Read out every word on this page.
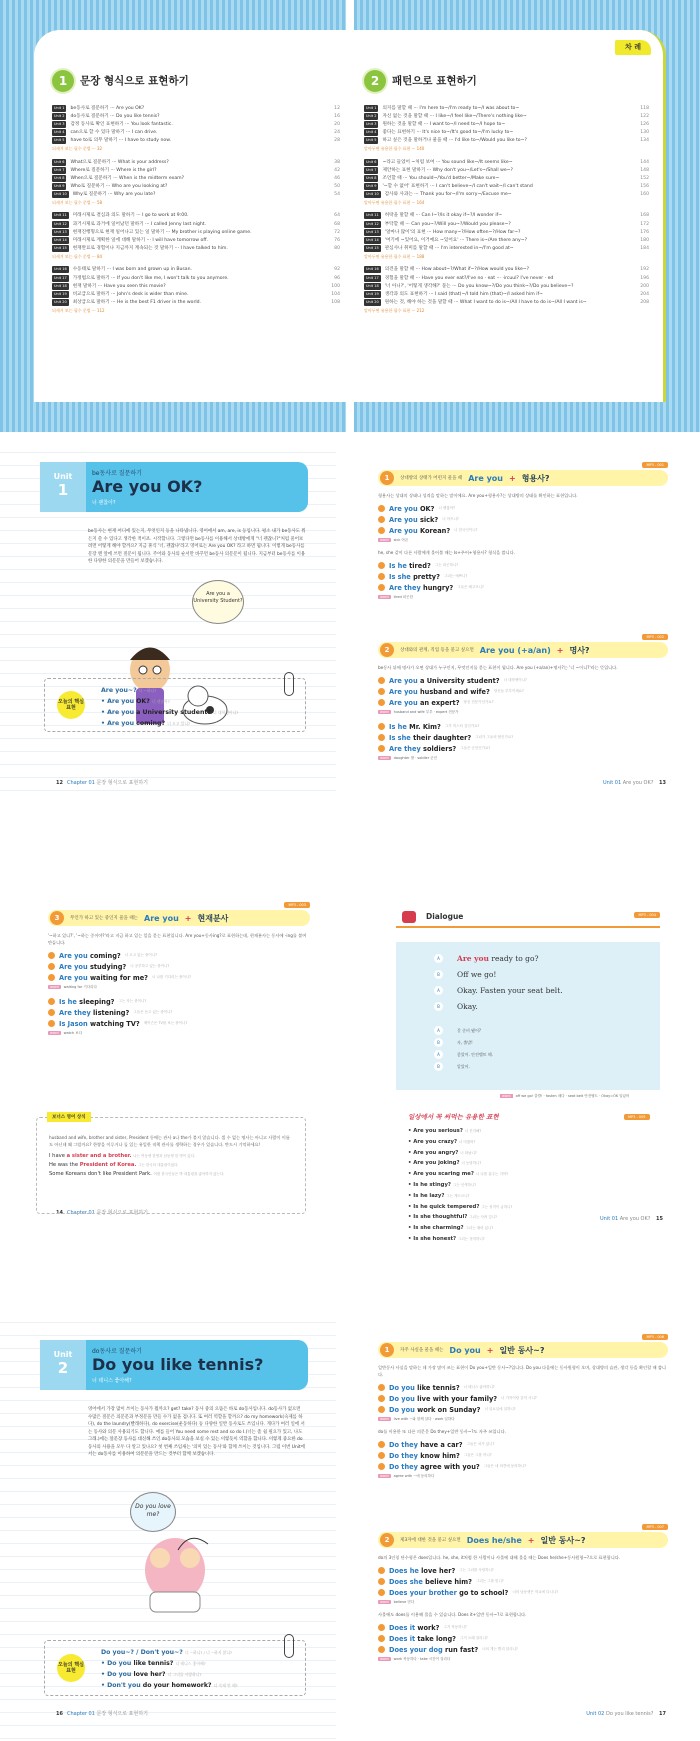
1	문장 형식으로 표현하기
Unit 1	be동사로 질문하기 ··· Are you OK?	12
Unit 2	do동사로 질문하기 ··· Do you like tennis?	16
Unit 3	감정 동사로 확인 표현하기 ··· You look fantastic.	20
Unit 4	can으로 할 수 있다 말하기 ··· I can drive.	24
Unit 5	have to로 의무 말하기 ··· I have to study now.	28
되새겨 보는 필수 문법 ··· 32
Unit 6	What으로 질문하기 ··· What is your address?	38
Unit 7	Where로 질문하기 ··· Where is the girl?	42
Unit 8	When으로 질문하기 ··· When is the midterm exam?	46
Unit 9	Who로 질문하기 ··· Who are you looking at?	50
Unit 10	Why로 질문하기 ··· Why are you late?	54
되새겨 보는 필수 문법 ··· 58
Unit 11	미래시제로 결심과 의도 말하기 ··· I go to work at 9:00.	64
Unit 12	과거시제로 과거에 일어났던 말하기 ··· I called Jenny last night.	68
Unit 13	현재진행형으로 현재 일어나고 있는 일 말하기 ··· My brother is playing online game.	72
Unit 14	미래시제로 계획한 일에 대해 말하기 ··· I will have tomorrow off.	76
Unit 15	현재완료로 경험이나 지금까지 계속되는 것 말하기 ··· I have talked to him.	80
되새겨 보는 필수 문법 ··· 84
Unit 16	수동태로 말하기 ··· I was born and grown up in Busan.	92
Unit 17	가정법으로 말하기 ··· If you don't like me, I won't talk to you anymore.	96
Unit 18	현재 말하기 ··· Have you seen this movie?	100
Unit 19	비교급으로 말하기 ··· John's desk is wider than mine.	104
Unit 20	최상급으로 말하기 ··· He is the best F1 driver in the world.	108
되새겨 보는 필수 문법 ··· 112
차 례
2	패턴으로 표현하기
Unit 1	의지를 말할 때 ··· I'm here to~/I'm ready to~/I was about to~	118
Unit 2	자신 없는 것을 말할 때 ··· I like~/I feel like~/There's nothing like~	122
Unit 3	원하는 것을 말할 때 ··· I want to~/I need to~/I hope to~	126
Unit 4	좋다는 표현하기 ··· It's nice to~/It's good to~/I'm lucky to~	130
Unit 5	하고 싶은 것을 말하거나 물을 때 ··· I'd like to~/Would you like to~?	134
알아두면 유용한 필수 표현 ··· 140
Unit 6	~라고 들었어 ~처럼 보여 ··· You sound like~/It seems like~	144
Unit 7	제안하는 표현 말하기 ··· Why don't you~/Let's~/Shall we~?	148
Unit 8	조언할 때 ··· You should~/You'd better~/Make sure~	152
Unit 9	'~할 수 없어' 표현하기 ··· I can't believe~/I can't wait~/I can't stand	156
Unit 10	감사와 사과는 ··· Thank you for~/I'm sorry~/Excuse me~	160
알아두면 유용한 필수 표현 ··· 164
Unit 11	허락을 말할 때 ··· Can I~?/Is it okay if~?/I wonder if~	168
Unit 12	부탁할 때 ··· Can you~?/Will you~?/Would you please~?	172
Unit 13	'얼마나 많이'의 표현 ··· How many~?/How often~?/How far~?	176
Unit 14	'여기에 ~있어요, 이거예요 ~있어요' ··· There is~/Are there any~?	180
Unit 15	관심사나 취미를 말할 때 ··· I'm interested in~/I'm good at~	184
알아두면 유용한 필수 표현 ··· 188
Unit 16	의견을 말할 때 ··· How about~?/What if~?/How would you like~?	192
Unit 17	경험을 말할 때 ··· Have you ever eat?/I've no · eat ··· ·ircuul? I've never · ed	196
Unit 18	'너 아니?', '어떻게 생각해?' 묻는 ··· Do you know~?/Do you think~?/Do you believe~?	200
Unit 19	생각과 의도 표현하기 ··· I said (that)~/I told him (that)~/I asked him if~	204
Unit 20	원하는 것, 해야 하는 것을 말할 때 ··· What I want to do is~/All I have to do is~/All I want is~	208
알아두면 유용한 필수 표현 ··· 212
Unit
1
be동사로 질문하기
Are you OK?
너 괜찮아?
be동사는 현재 어디에 있는지, 무엇인지 등을 나타냅니다. 영어에서 am, are, is 등입니다. 평소 내가 be동사도 뭐든지 쓸 수 있다고 생각한 적이죠. 시작합니다. 그렇다면 be동사를 이용해서 상대방에게 "너 괜찮니?"처럼 물어보려면 어떻게 해야 할까요? 지금 휴식 '너, 괜찮냐'라고 영어로는 Are you OK? 라고 하면 됩니다. 이렇게 be동사를 문장 맨 앞에 쓰면 질문이 됩니다. 주어와 동사의 순서만 바꾸면 be동사 의문문이 됩니다. 지금부터 be동사를 이용한 다양한 의문문을 만들어 보겠습니다.
Are you a University Student?
오늘의 핵심표현
Are you~? 너 ~하니?
• Are you OK? 너 괜찮아?
• Are you a University student? 너 대학생이니?
• Are you coming? 너 오고 있니?
12 Chapter 01 문장 형식으로 표현하기
MP3 - 001
1	상대방의 상태가 어떤지 물을 때 Are you + 형용사?
형용사는 상대의 상태나 성격을 말하는 말이에요. Are you+형용사?는 상대방의 상태를 확인하는 표현입니다.
Are you OK? 너 괜찮아?
Are you sick? 너 아프니?
Are you Korean? 너 한국인이니?
word sick 아픈
he, she 같이 다른 사람에게 물어볼 때는 Is+주어+형용사? 형식을 씁니다.
Is he tired? 그는 피곤하니?
Is she pretty? 그녀는 예쁘니?
Are they hungry? 그들은 배고프니?
word tired 피곤한
MP3 - 002
2	상대와의 관계, 직업 등을 묻고 싶으면 Are you (+a/an) + 명사?
be동사 뒤에 명사가 오면 상대가 누구인지, 무엇인지를 묻는 표현이 됩니다. Are you (+a/an)+명사?는 '너 ~이니?'라는 뜻입니다.
Are you a University student? 너 대학생이니?
Are you husband and wife? 당신들 부부이세요?
Are you an expert? 당신 전문가인가요?
word husband and wife 부부 · expert 전문가
Is he Mr. Kim? 그가 미스터 김인가요?
Is she their daughter? 그녀가 그들의 딸인가요?
Are they soldiers? 그들은 군인인가요?
word daughter 딸 · soldier 군인
Unit 01 Are you OK? 13
MP3 - 003
3	무언가 하고 있는 중인지 물을 때는 Are you + 현재분사
'~하고 있니?', '~하는 중이야?'라고 지금 하고 있는 일을 묻는 표현입니다. Are you+동사ing?로 표현하는데, 현재분사는 동사에 -ing를 붙여 만듭니다.
Are you coming? 너 오고 있는 중이니?
Are you studying? 너 공부하고 있는 중이니?
Are you waiting for me? 너 나를 기다리는 중이니?
word waiting for 기다리다
Is he sleeping? 그는 자는 중이니?
Are they listening? 그들은 듣고 있는 중이니?
Is Jason watching TV? 제이슨은 TV를 보는 중이니?
word watch 보다
14 Chapter 01 문장 형식으로 표현하기
보너스 영어 상식
husband and wife, brother and sister, President 등에는 관사 a나 the가 붙지 않습니다. 셀 수 없는 명사는 아니고 사람이 이름도 아닌데 왜 그럴까요? 한쌍을 이루거나 둘 있는 유일한 직책 관사를 생략하는 경우가 있습니다. 반드시 기억하세요!
I have a sister and a brother. 나는 여동생 한명과 남동생 한 명이 있다.
He was the President of Korea. 그는 한국의 대통령이었다.
Some Koreans don't like President Park. 어떤 한국인들은 박 대통령을 좋아하지 않는다.
Dialogue	MP3 - 004
A	Are you ready to go?
B	Off we go!
A	Okay. Fasten your seat belt.
B	Okay.
A	갈 준비 됐어?
B	자, 출발!
A	좋았어. 안전벨트 해.
B	알았어.
word off we go! 출발! · fasten 매다 · seat belt 안전벨트 · Okay=OK 알았어
일상에서 꼭 써먹는 유용한 표현	MP3 - 005
• Are you serious? 너 진지해?
• Are you crazy? 너 미쳤어?
• Are you angry? 너 화났니?
• Are you joking? 너 농담하니?
• Are you scaring me? 너 나를 겁주는 거야?
• Is he stingy? 그는 인색하니?
• Is he lazy? 그는 게으르니?
• Is he quick tempered? 그는 성격이 급하니?
• Is she thoughtful? 그녀는 사려 깊니?
• Is she charming? 그녀는 매력 있니?
• Is she honest? 그녀는 정직하니?
Unit 01 Are you OK? 15
Unit
2
do동사로 질문하기
Do you like tennis?
너 테니스 좋아해?
영어에서 가장 많이 쓰이는 동사가 뭘까요? get? take? 동사 중의 으뜸은 바로 do동사입니다. do동사가 없으면 수많은 질문은 의문문과 부정문을 만들 수가 없을 겁니다. 또 여러 역할을 할까요? do my homework(숙제를 하다), do the laundry(빨래하다), do exercise(운동하다) 등 다양한 일반 동사로도 쓰입니다. 게다가 여러 일에 서는 동사와 의문 사용되기도 합니다. 예를 들어 You need some rest and so do I.(너는 좀 쉴 필요가 있고, 나도 그래.)에는 앞문장 동사를 대신해 쓰인 do동사의 모습을 보실 수 있는 이렇듯이 역할을 합니다. 이렇게 중요한 do동사의 사용을 모두 다 알고 있나요? 첫 번째 쓰임새는 '의미 있는 동사'와 함께 쓰이는 것입니다. 그럼 이번 Unit에서는 do동사를 이용하여 의문문을 만드는 것부터 함께 보겠습니다.
Do you love me?
오늘의 핵심표현
Do you~? / Don't you~? 너 ~하니? / 너 ~하지 않니?
• Do you like tennis? 너 테니스 좋아해?
• Do you love her? 너 그녀를 사랑하니?
• Don't you do your homework? 너 숙제 안 해?
16 Chapter 01 문장 형식으로 표현하기
MP3 - 006
1	자주 사실을 물을 때는 Do you + 일반 동사~?
일반동사 사실을 말하는 데 가장 많이 쓰는 표현이 Do you+일반 동사~?입니다. Do you 다음에는 동사원형이 오며, 상대방의 습관, 생각 등을 확인할 때 씁니다.
Do you like tennis? 너 테니스 좋아하니?
Do you live with your family? 너 가족이랑 같이 사니?
Do you work on Sunday? 너 일요일에 일하니?
word live with ~와 함께 살다 · work 일하다
do를 이용한 또 다른 의문문 Do they+일반 동사~?도 자주 쓰입니다.
Do they have a car? 그들은 차가 있니?
Do they know him? 그들은 그를 아니?
Do they agree with you? 그들은 네 의견에 동의하니?
word agree with ~에 동의하다
MP3 - 007
2	제3자에 대한 것을 묻고 싶으면 Does he/she + 일반 동사~?
do의 3인칭 단수형은 does입니다. he, she, it처럼 한 사람이나 사물에 대해 물을 때는 Does he/she+동사원형~?으로 표현합니다.
Does he love her? 그는 그녀를 사랑하니?
Does she believe him? 그녀는 그를 믿니?
Does your brother go to school? 너의 남동생은 학교에 다니니?
word believe 믿다
사물에도 does를 이용해 물을 수 있습니다. Does it+일반 동사~?로 표현합니다.
Does it work? 그거 작동하니?
Does it take long? 그거 오래 걸리니?
Does your dog run fast? 너의 개는 빨리 달리니?
word work 작동하다 · take 시간이 걸리다
Unit 02 Do you like tennis? 17
